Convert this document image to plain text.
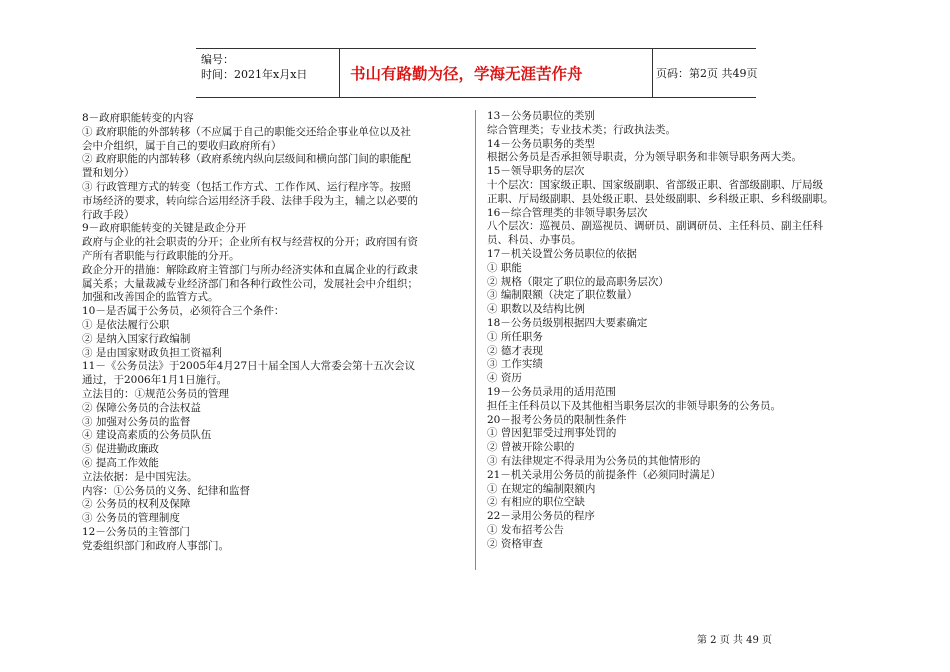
编号：
时间：2021年x月x日	书山有路勤为径，学海无涯苦作舟	页码：第2页 共49页
8－政府职能转变的内容
① 政府职能的外部转移（不应属于自己的职能交还给企事业单位以及社
会中介组织，属于自己的要收归政府所有）
② 政府职能的内部转移（政府系统内纵向层级间和横向部门间的职能配
置和划分）
③ 行政管理方式的转变（包括工作方式、工作作风、运行程序等。按照
市场经济的要求，转向综合运用经济手段、法律手段为主，辅之以必要的
行政手段）
9－政府职能转变的关键是政企分开
政府与企业的社会职责的分开；企业所有权与经营权的分开；政府国有资
产所有者职能与行政职能的分开。
政企分开的措施：解除政府主管部门与所办经济实体和直属企业的行政隶
属关系；大量裁减专业经济部门和各种行政性公司，发展社会中介组织；
加强和改善国企的监管方式。
10－是否属于公务员，必须符合三个条件：
① 是依法履行公职
② 是纳入国家行政编制
③ 是由国家财政负担工资福利
11－《公务员法》于2005年4月27日十届全国人大常委会第十五次会议
通过，于2006年1月1日施行。
立法目的：①规范公务员的管理
② 保障公务员的合法权益
③ 加强对公务员的监督
④ 建设高素质的公务员队伍
⑤ 促进勤政廉政
⑥ 提高工作效能
立法依据：是中国宪法。
内容：①公务员的义务、纪律和监督
② 公务员的权利及保障
③ 公务员的管理制度
12－公务员的主管部门
党委组织部门和政府人事部门。
13－公务员职位的类别
综合管理类；专业技术类；行政执法类。
14－公务员职务的类型
根据公务员是否承担领导职责，分为领导职务和非领导职务两大类。
15－领导职务的层次
十个层次：国家级正职、国家级副职、省部级正职、省部级副职、厅局级
正职、厅局级副职、县处级正职、县处级副职、乡科级正职、乡科级副职。
16－综合管理类的非领导职务层次
八个层次：巡视员、副巡视员、调研员、副调研员、主任科员、副主任科
员、科员、办事员。
17－机关设置公务员职位的依据
① 职能
② 规格（限定了职位的最高职务层次）
③ 编制限额（决定了职位数量）
④ 职数以及结构比例
18－公务员级别根据四大要素确定
① 所任职务
② 德才表现
③ 工作实绩
④ 资历
19－公务员录用的适用范围
担任主任科员以下及其他相当职务层次的非领导职务的公务员。
20－报考公务员的限制性条件
① 曾因犯罪受过刑事处罚的
② 曾被开除公职的
③ 有法律规定不得录用为公务员的其他情形的
21－机关录用公务员的前提条件（必须同时满足）
① 在规定的编制限额内
② 有相应的职位空缺
22－录用公务员的程序
① 发布招考公告
② 资格审查
第 2 页 共 49 页
